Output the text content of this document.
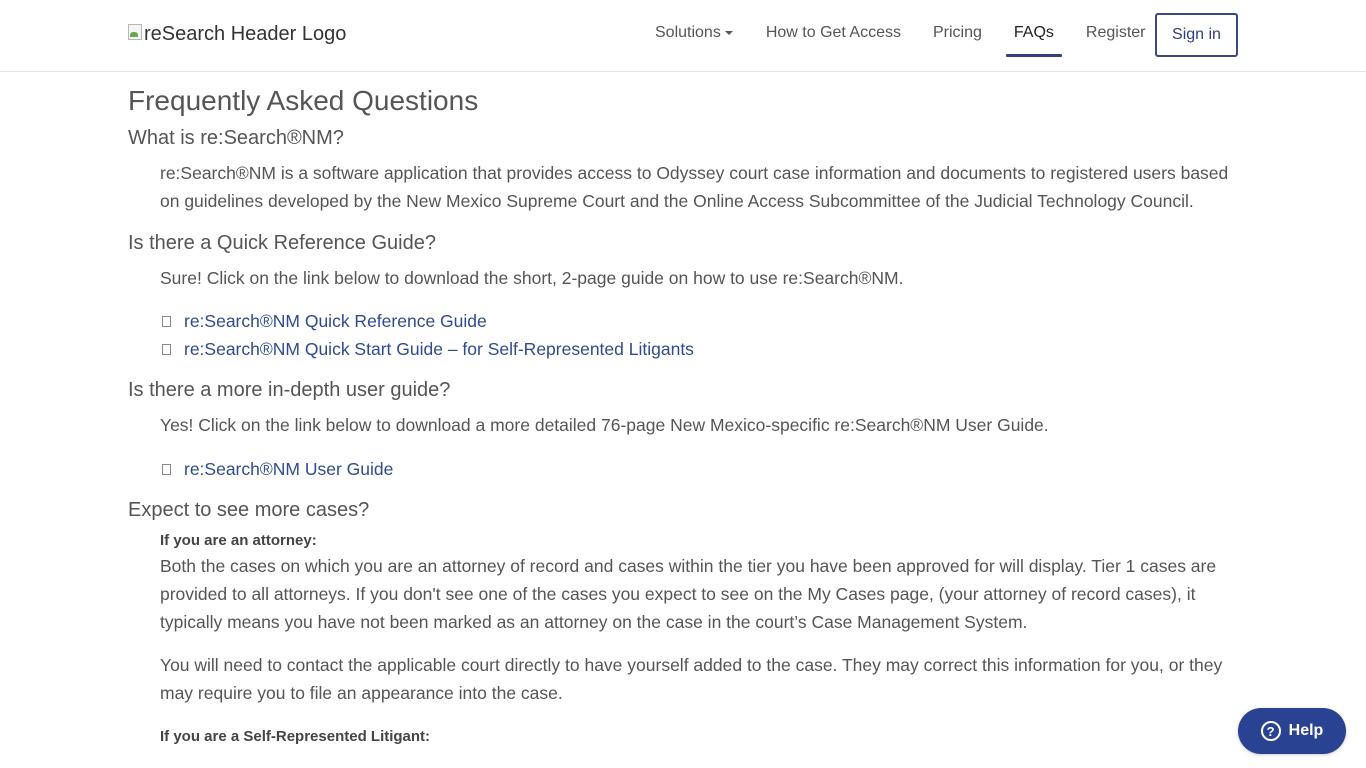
reSearch Header Logo	Solutions	How to Get Access Pricing FAQs Register	Sign in
Frequently Asked Questions
What is re:Search®NM?

re:Search®NM is a software application that provides access to Odyssey court case information and documents to registered users based on guidelines developed by the New Mexico Supreme Court and the Online Access Subcommittee of the Judicial Technology Council.

Is there a Quick Reference Guide?

Sure! Click on the link below to download the short, 2-page guide on how to use re:Search®NM.

re:Search®NM Quick Reference Guide
re:Search®NM Quick Start Guide – for Self-Represented Litigants
Is there a more in-depth user guide?

Yes! Click on the link below to download a more detailed 76-page New Mexico-specific re:Search®NM User Guide.

re:Search®NM User Guide
Expect to see more cases?
If you are an attorney:

Both the cases on which you are an attorney of record and cases within the tier you have been approved for will display. Tier 1 cases are provided to all attorneys. If you don't see one of the cases you expect to see on the My Cases page, (your attorney of record cases), it typically means you have not been marked as an attorney on the case in the court’s Case Management System.

You will need to contact the applicable court directly to have yourself added to the case. They may correct this information for you, or they may require you to file an appearance into the case.

If you are a Self-Represented Litigant:	? Help
